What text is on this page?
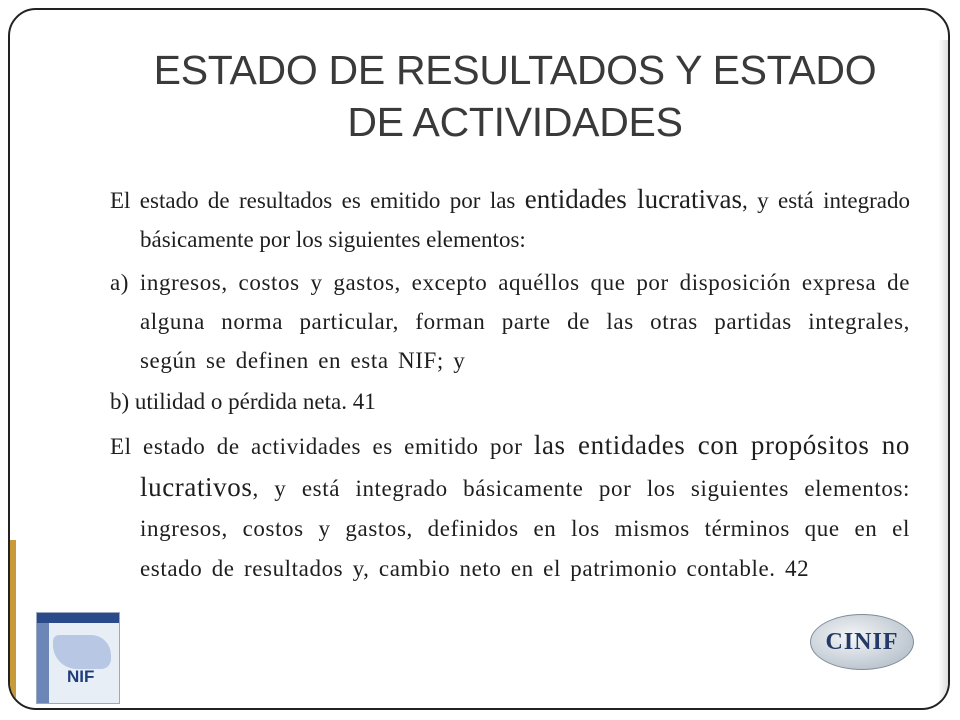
ESTADO DE RESULTADOS Y ESTADO
DE ACTIVIDADES

El estado de resultados es emitido por las entidades lucrativas, y está integrado básicamente por los siguientes elementos:

a) ingresos, costos y gastos, excepto aquéllos que por disposición expresa de alguna norma particular, forman parte de las otras partidas integrales, según se definen en esta NIF; y

b) utilidad o pérdida neta. 41

El estado de actividades es emitido por las entidades con propósitos no lucrativos, y está integrado básicamente por los siguientes elementos: ingresos, costos y gastos, definidos en los mismos términos que en el estado de resultados y, cambio neto en el patrimonio contable. 42

NIF
CINIF
